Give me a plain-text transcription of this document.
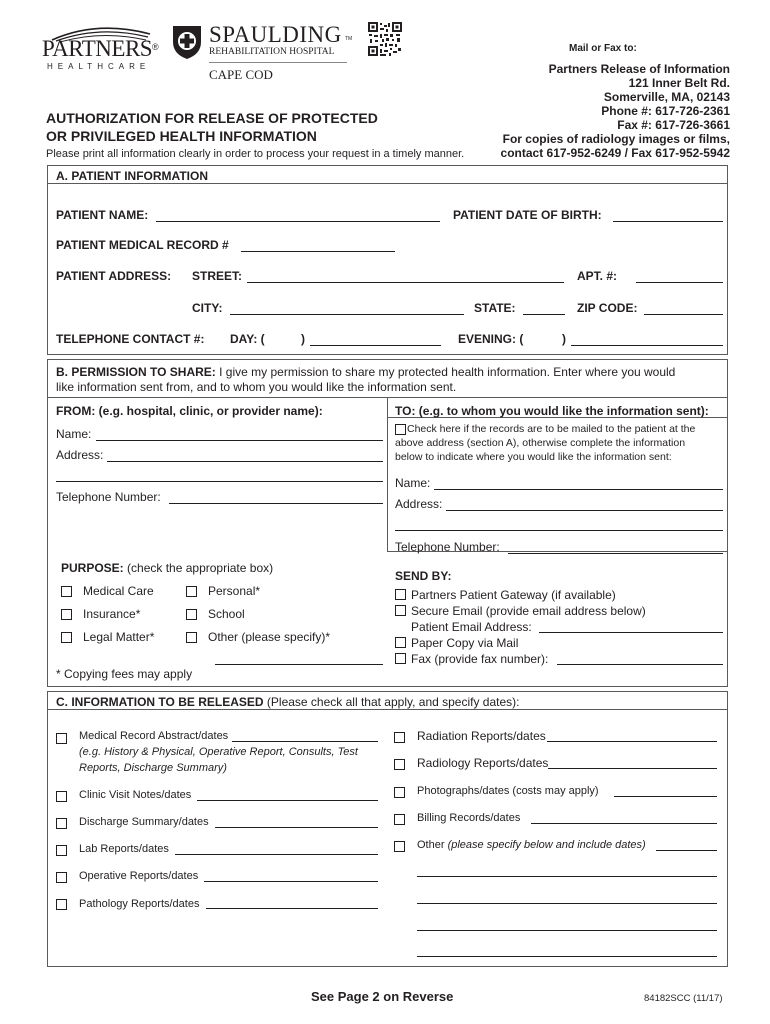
PARTNERS ®
HEALTHCARE
SPAULDING TM
REHABILITATION HOSPITAL
CAPE COD
Mail or Fax to:
Partners Release of Information
121 Inner Belt Rd.
Somerville, MA, 02143
Phone #: 617-726-2361
Fax #: 617-726-3661
For copies of radiology images or films,
contact 617-952-6249 / Fax 617-952-5942
AUTHORIZATION FOR RELEASE OF PROTECTED
OR PRIVILEGED HEALTH INFORMATION
Please print all information clearly in order to process your request in a timely manner.
A. PATIENT INFORMATION
PATIENT NAME:	PATIENT DATE OF BIRTH:
PATIENT MEDICAL RECORD #
PATIENT ADDRESS: STREET:	APT. #:
CITY:	STATE:	ZIP CODE:
TELEPHONE CONTACT #: DAY: (	)	EVENING: (	)
B. PERMISSION TO SHARE: I give my permission to share my protected health information. Enter where you would
like information sent from, and to whom you would like the information sent.
FROM: (e.g. hospital, clinic, or provider name):
Name:
Address:
Telephone Number:
TO: (e.g. to whom you would like the information sent):
Check here if the records are to be mailed to the patient at the
above address (section A), otherwise complete the information
below to indicate where you would like the information sent:
Name:
Address:
Telephone Number:
PURPOSE: (check the appropriate box)
Medical Care	Personal*
Insurance*	School
Legal Matter*	Other (please specify)*
* Copying fees may apply
SEND BY:
Partners Patient Gateway (if available)
Secure Email (provide email address below)
Patient Email Address:
Paper Copy via Mail
Fax (provide fax number):
C. INFORMATION TO BE RELEASED (Please check all that apply, and specify dates):
Medical Record Abstract/dates
(e.g. History & Physical, Operative Report, Consults, Test
Reports, Discharge Summary)
Clinic Visit Notes/dates
Discharge Summary/dates
Lab Reports/dates
Operative Reports/dates
Pathology Reports/dates
Radiation Reports/dates
Radiology Reports/dates
Photographs/dates (costs may apply)
Billing Records/dates
Other (please specify below and include dates)
See Page 2 on Reverse	84182SCC (11/17)
